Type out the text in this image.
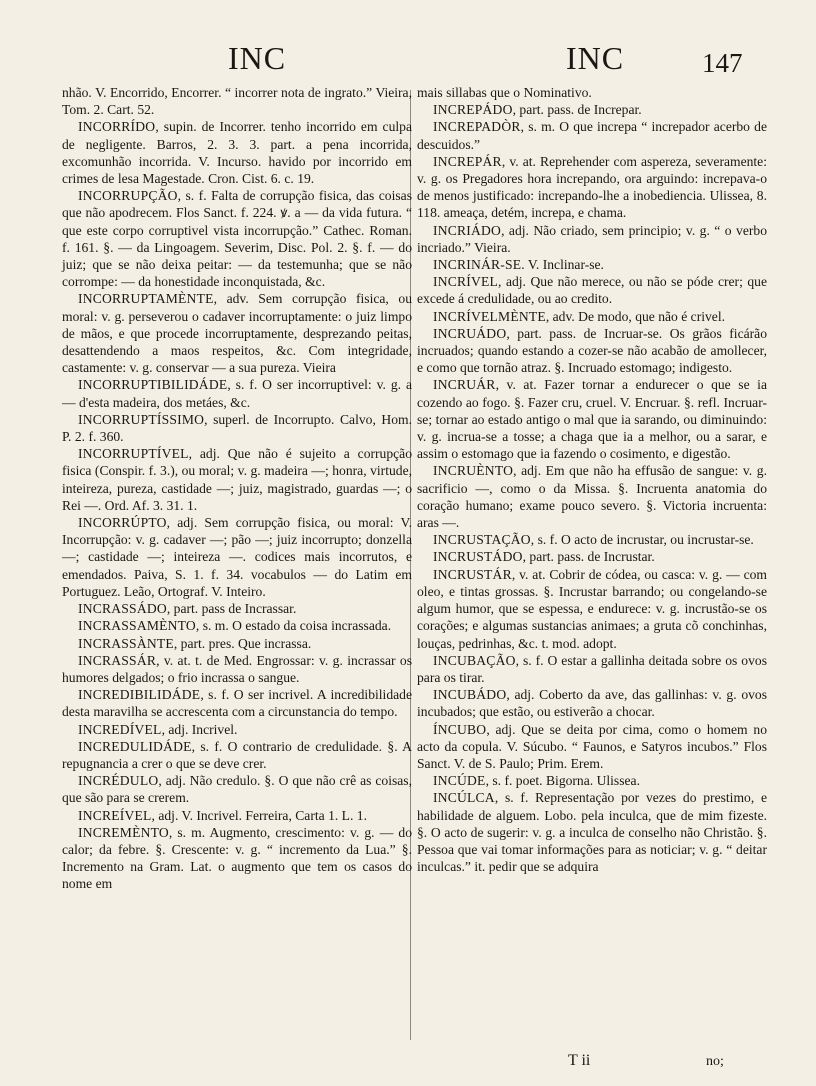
INC	INC	147

nhão. V. Encorrido, Encorrer. “ incorrer nota de ingrato.” Vieira, Tom. 2. Cart. 52.

INCORRÍDO, supin. de Incorrer. tenho incorrido em culpa de negligente. Barros, 2. 3. 3. part. a pena incorrida, excomunhão incorrida. V. Incurso. havido por incorrido em crimes de lesa Magestade. Cron. Cist. 6. c. 19.

INCORRUPÇÃO, s. f. Falta de corrupção fisica, das coisas que não apodrecem. Flos Sanct. f. 224. ꝟ. a — da vida futura. “ que este corpo corruptivel vista incorrupção.” Cathec. Roman. f. 161. §. — da Lingoagem. Severim, Disc. Pol. 2. §. f. — do juiz; que se não deixa peitar: — da testemunha; que se não corrompe: — da honestidade inconquistada, &c.

INCORRUPTAMÈNTE, adv. Sem corrupção fisica, ou moral: v. g. perseverou o cadaver incorruptamente: o juiz limpo de mãos, e que procede incorruptamente, desprezando peitas, desattendendo a maos respeitos, &c. Com integridade, castamente: v. g. conservar — a sua pureza. Vieira

INCORRUPTIBILIDÁDE, s. f. O ser incorruptivel: v. g. a — d'esta madeira, dos metáes, &c.

INCORRUPTÍSSIMO, superl. de Incorrupto. Calvo, Hom. P. 2. f. 360.

INCORRUPTÍVEL, adj. Que não é sujeito a corrupção fisica (Conspir. f. 3.), ou moral; v. g. madeira —; honra, virtude, inteireza, pureza, castidade —; juiz, magistrado, guardas —; o Rei —. Ord. Af. 3. 31. 1.

INCORRÚPTO, adj. Sem corrupção fisica, ou moral: V. Incorrupção: v. g. cadaver —; pão —; juiz incorrupto; donzella —; castidade —; inteireza —. codices mais incorrutos, e emendados. Paiva, S. 1. f. 34. vocabulos — do Latim em Portuguez. Leão, Ortograf. V. Inteiro.

INCRASSÁDO, part. pass de Incrassar.

INCRASSAMÈNTO, s. m. O estado da coisa incrassada.

INCRASSÀNTE, part. pres. Que incrassa.

INCRASSÁR, v. at. t. de Med. Engrossar: v. g. incrassar os humores delgados; o frio incrassa o sangue.

INCREDIBILIDÁDE, s. f. O ser incrivel. A incredibilidade desta maravilha se accrescenta com a circunstancia do tempo.

INCREDÍVEL, adj. Incrivel.

INCREDULIDÁDE, s. f. O contrario de credulidade. §. A repugnancia a crer o que se deve crer.

INCRÉDULO, adj. Não credulo. §. O que não crê as coisas, que são para se crerem.

INCREÍVEL, adj. V. Incrivel. Ferreira, Carta 1. L. 1.

INCREMÈNTO, s. m. Augmento, crescimento: v. g. — do calor; da febre. §. Crescente: v. g. “ incremento da Lua.” §. Incremento na Gram. Lat. o augmento que tem os casos do nome em

mais sillabas que o Nominativo.

INCREPÁDO, part. pass. de Increpar.

INCREPADÒR, s. m. O que increpa “ increpador acerbo de descuidos.”

INCREPÁR, v. at. Reprehender com aspereza, severamente: v. g. os Pregadores hora increpando, ora arguindo: increpava-o de menos justificado: increpando-lhe a inobediencia. Ulissea, 8. 118. ameaça, detém, increpa, e chama.

INCRIÁDO, adj. Não criado, sem principio; v. g. “ o verbo incriado.” Vieira.

INCRINÁR-SE. V. Inclinar-se.

INCRÍVEL, adj. Que não merece, ou não se póde crer; que excede á credulidade, ou ao credito.

INCRÍVELMÈNTE, adv. De modo, que não é crivel.

INCRUÁDO, part. pass. de Incruar-se. Os grãos ficárão incruados; quando estando a cozer-se não acabão de amollecer, e como que tornão atraz. §. Incruado estomago; indigesto.

INCRUÁR, v. at. Fazer tornar a endurecer o que se ia cozendo ao fogo. §. Fazer cru, cruel. V. Encruar. §. refl. Incruar-se; tornar ao estado antigo o mal que ia sarando, ou diminuindo: v. g. incrua-se a tosse; a chaga que ia a melhor, ou a sarar, e assim o estomago que ia fazendo o cosimento, e digestão.

INCRUÈNTO, adj. Em que não ha effusão de sangue: v. g. sacrificio —, como o da Missa. §. Incruenta anatomia do coração humano; exame pouco severo. §. Victoria incruenta: aras —.

INCRUSTAÇÃO, s. f. O acto de incrustar, ou incrustar-se.

INCRUSTÁDO, part. pass. de Incrustar.

INCRUSTÁR, v. at. Cobrir de códea, ou casca: v. g. — com oleo, e tintas grossas. §. Incrustar barrando; ou congelando-se algum humor, que se espessa, e endurece: v. g. incrustão-se os corações; e algumas sustancias animaes; a gruta cõ conchinhas, louças, pedrinhas, &c. t. mod. adopt.

INCUBAÇÃO, s. f. O estar a gallinha deitada sobre os ovos para os tirar.

INCUBÁDO, adj. Coberto da ave, das gallinhas: v. g. ovos incubados; que estão, ou estiverão a chocar.

ÍNCUBO, adj. Que se deita por cima, como o homem no acto da copula. V. Súcubo. “ Faunos, e Satyros incubos.” Flos Sanct. V. de S. Paulo; Prim. Erem.

INCÚDE, s. f. poet. Bigorna. Ulissea.

INCÚLCA, s. f. Representação por vezes do prestimo, e habilidade de alguem. Lobo. pela inculca, que de mim fizeste. §. O acto de sugerir: v. g. a inculca de conselho não Christão. §. Pessoa que vai tomar informações para as noticiar; v. g. “ deitar inculcas.” it. pedir que se adquira

T ii	no;
